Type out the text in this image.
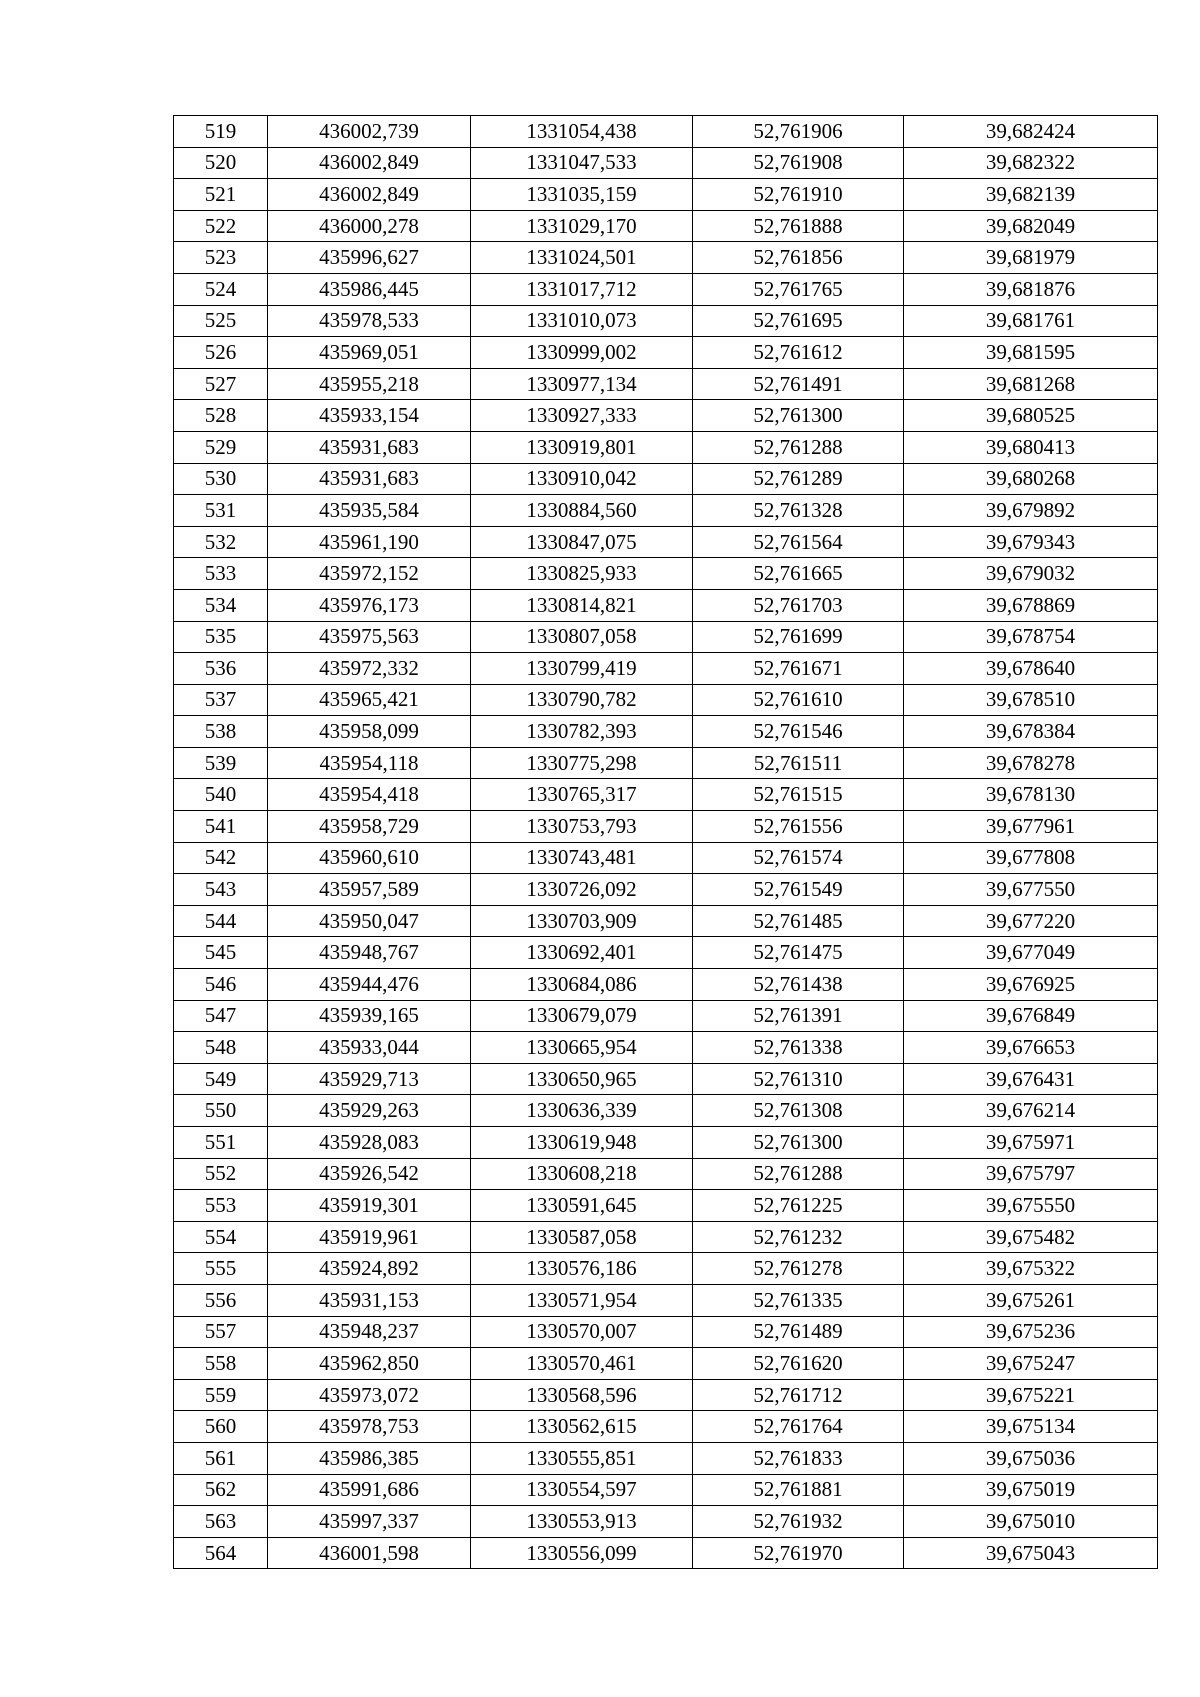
519	436002,739	1331054,438	52,761906	39,682424
520	436002,849	1331047,533	52,761908	39,682322
521	436002,849	1331035,159	52,761910	39,682139
522	436000,278	1331029,170	52,761888	39,682049
523	435996,627	1331024,501	52,761856	39,681979
524	435986,445	1331017,712	52,761765	39,681876
525	435978,533	1331010,073	52,761695	39,681761
526	435969,051	1330999,002	52,761612	39,681595
527	435955,218	1330977,134	52,761491	39,681268
528	435933,154	1330927,333	52,761300	39,680525
529	435931,683	1330919,801	52,761288	39,680413
530	435931,683	1330910,042	52,761289	39,680268
531	435935,584	1330884,560	52,761328	39,679892
532	435961,190	1330847,075	52,761564	39,679343
533	435972,152	1330825,933	52,761665	39,679032
534	435976,173	1330814,821	52,761703	39,678869
535	435975,563	1330807,058	52,761699	39,678754
536	435972,332	1330799,419	52,761671	39,678640
537	435965,421	1330790,782	52,761610	39,678510
538	435958,099	1330782,393	52,761546	39,678384
539	435954,118	1330775,298	52,761511	39,678278
540	435954,418	1330765,317	52,761515	39,678130
541	435958,729	1330753,793	52,761556	39,677961
542	435960,610	1330743,481	52,761574	39,677808
543	435957,589	1330726,092	52,761549	39,677550
544	435950,047	1330703,909	52,761485	39,677220
545	435948,767	1330692,401	52,761475	39,677049
546	435944,476	1330684,086	52,761438	39,676925
547	435939,165	1330679,079	52,761391	39,676849
548	435933,044	1330665,954	52,761338	39,676653
549	435929,713	1330650,965	52,761310	39,676431
550	435929,263	1330636,339	52,761308	39,676214
551	435928,083	1330619,948	52,761300	39,675971
552	435926,542	1330608,218	52,761288	39,675797
553	435919,301	1330591,645	52,761225	39,675550
554	435919,961	1330587,058	52,761232	39,675482
555	435924,892	1330576,186	52,761278	39,675322
556	435931,153	1330571,954	52,761335	39,675261
557	435948,237	1330570,007	52,761489	39,675236
558	435962,850	1330570,461	52,761620	39,675247
559	435973,072	1330568,596	52,761712	39,675221
560	435978,753	1330562,615	52,761764	39,675134
561	435986,385	1330555,851	52,761833	39,675036
562	435991,686	1330554,597	52,761881	39,675019
563	435997,337	1330553,913	52,761932	39,675010
564	436001,598	1330556,099	52,761970	39,675043
